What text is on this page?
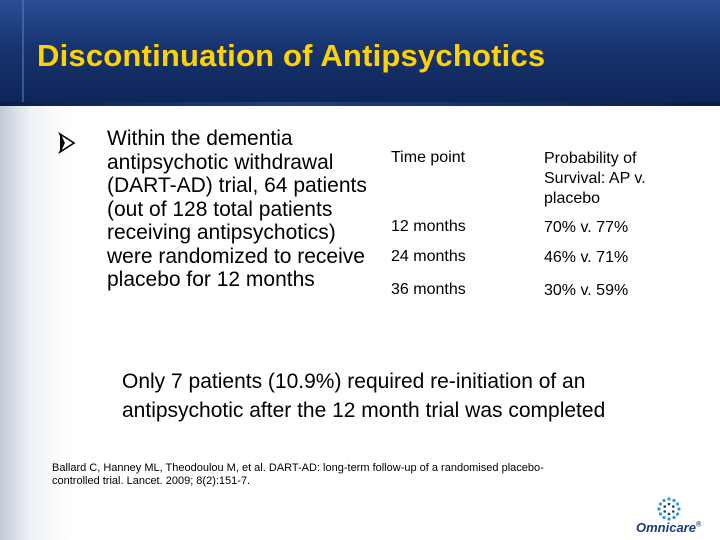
Discontinuation of Antipsychotics
Within the dementia antipsychotic withdrawal (DART-AD) trial, 64 patients (out of 128 total patients receiving antipsychotics) were randomized to receive placebo for 12 months
Time point	Probability of Survival: AP v. placebo
12 months	70% v. 77%
24 months	46% v. 71%
36 months	30% v. 59%
Only 7 patients (10.9%) required re-initiation of an antipsychotic after the 12 month trial was completed
Ballard C, Hanney ML, Theodoulou M, et al. DART-AD: long-term follow-up of a randomised placebo-controlled trial. Lancet. 2009; 8(2):151-7.
Omnicare®
